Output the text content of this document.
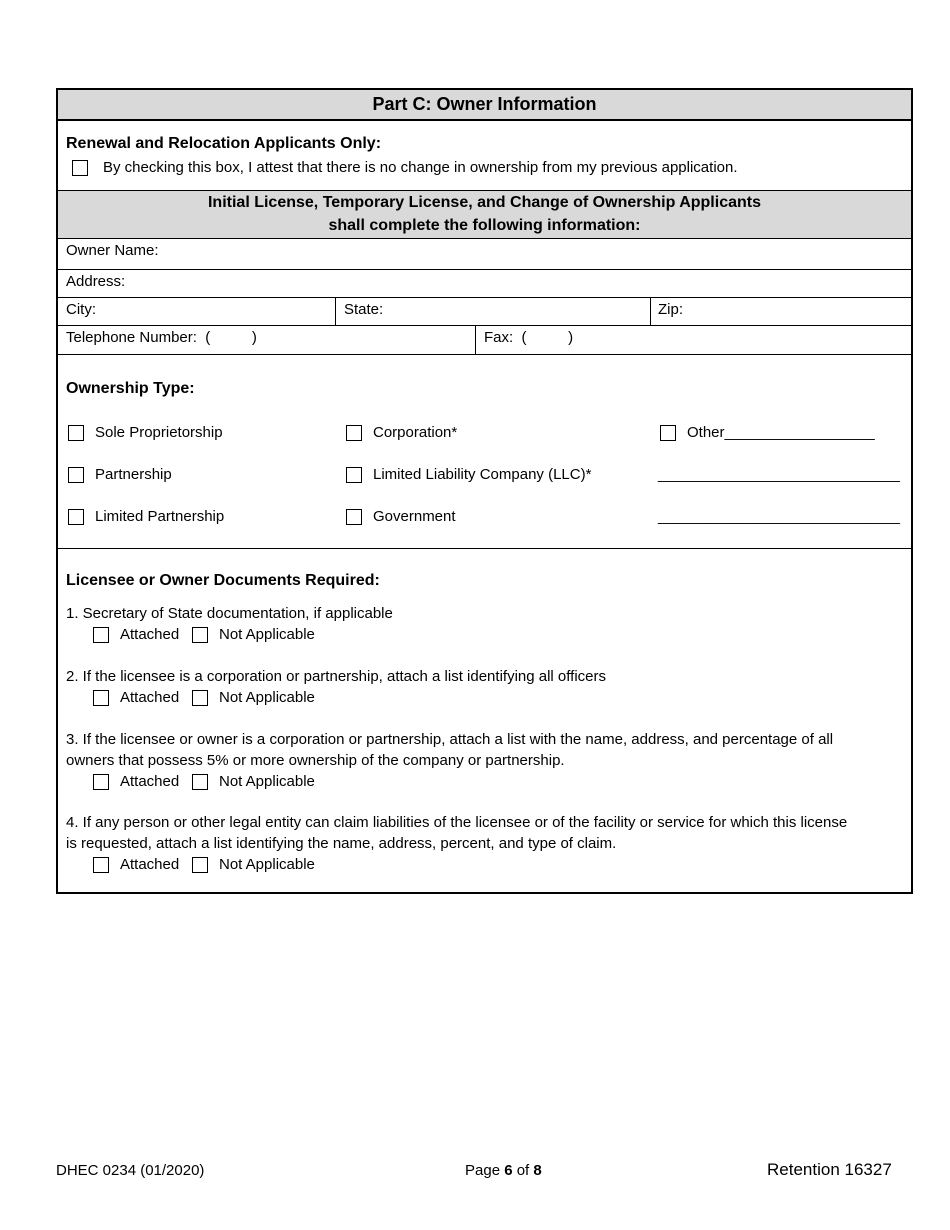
Part C: Owner Information
Renewal and Relocation Applicants Only:
By checking this box, I attest that there is no change in ownership from my previous application.
Initial License, Temporary License, and Change of Ownership Applicants
shall complete the following information:
Owner Name:
Address:
City:	State:	Zip:
Telephone Number:  (          )	Fax:  (          )
Ownership Type:
Sole Proprietorship	Corporation*	Other__________________
Partnership	Limited Liability Company (LLC)*	_____________________________
Limited Partnership	Government	_____________________________
Licensee or Owner Documents Required:
1. Secretary of State documentation, if applicable
Attached	Not Applicable
2. If the licensee is a corporation or partnership, attach a list identifying all officers
Attached	Not Applicable
3. If the licensee or owner is a corporation or partnership, attach a list with the name, address, and percentage of all
owners that possess 5% or more ownership of the company or partnership.
Attached	Not Applicable
4. If any person or other legal entity can claim liabilities of the licensee or of the facility or service for which this license
is requested, attach a list identifying the name, address, percent, and type of claim.
Attached	Not Applicable
DHEC 0234 (01/2020)	Page 6 of 8	Retention 16327
